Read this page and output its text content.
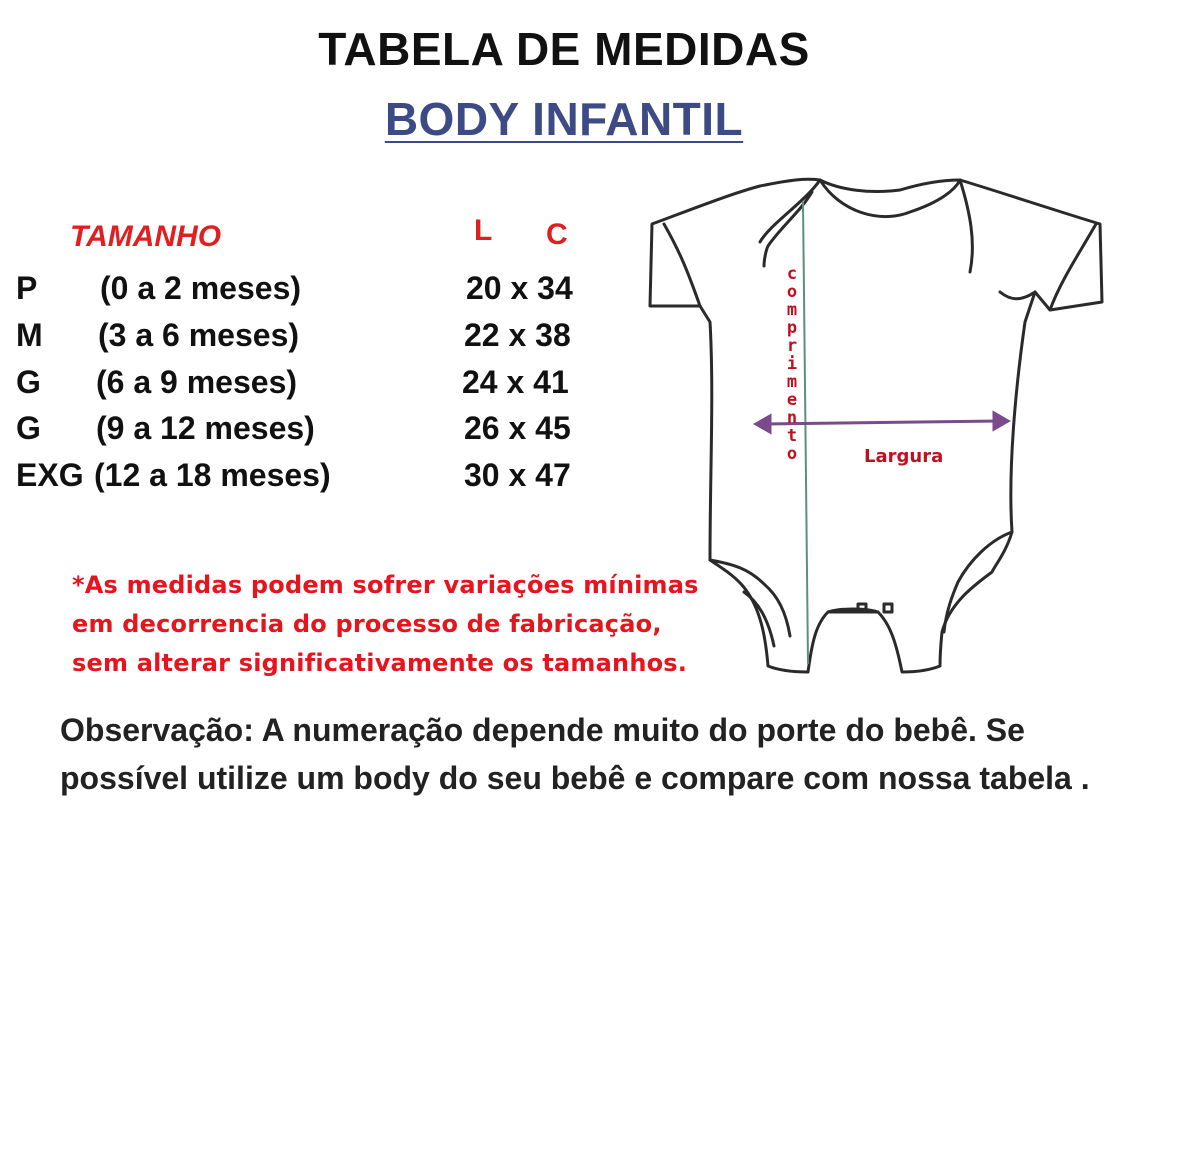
TABELA DE MEDIDAS
BODY INFANTIL
TAMANHO	L C
P (0 a 2 meses)	20 x 34
M (3 a 6 meses)	22 x 38
G (6 a 9 meses)	24 x 41
G (9 a 12 meses)	26 x 45
EXG (12 a 18 meses)	30 x 47
*As medidas podem sofrer variações mínimas
em decorrencia do processo de fabricação,
sem alterar significativamente os tamanhos.
comprimento	Largura
Observação: A numeração depende muito do porte do bebê. Se
possível utilize um body do seu bebê e compare com nossa tabela .
